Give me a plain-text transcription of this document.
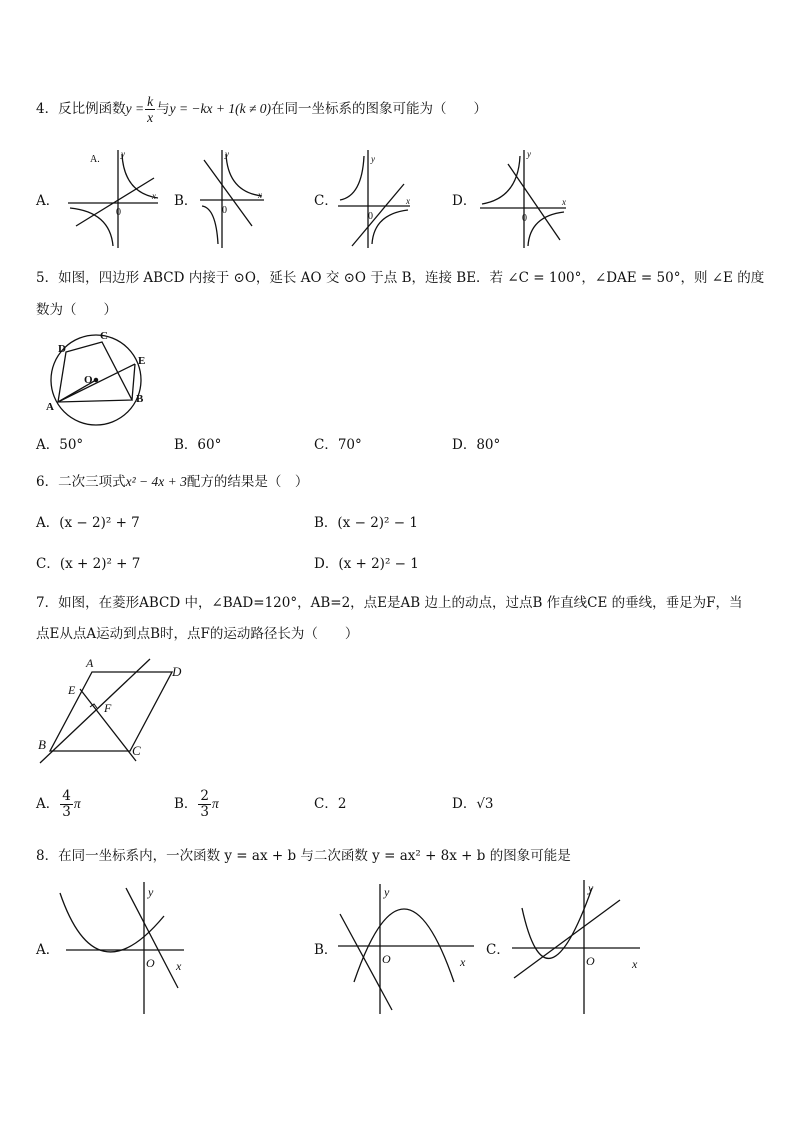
4．反比例函数$y = \frac{k}{x}$ 与y = −kx + 1(k ≠ 0)在同一坐标系的图象可能为（　　）
A．	B．	C．	D．
A.
x
y
0
x
y
0
x
y
0
x
y
0
5．如图，四边形 ABCD 内接于 ⊙O，延长 AO 交 ⊙O 于点 B，连接 BE．若 ∠C = 100°，∠DAE = 50°，则 ∠E 的度
数为（　　）
D
C
E
O
A
B
A．50°	B．60°	C．70°	D．80°
6．二次三项式x² − 4x + 3配方的结果是（　）
A．(x − 2)² + 7	B．(x − 2)² − 1
C．(x + 2)² + 7	D．(x + 2)² − 1
7．如图，在菱形ABCD 中，∠BAD=120°，AB=2，点E是AB 边上的动点，过点B 作直线CE 的垂线，垂足为F，当
点E从点A运动到点B时，点F的运动路径长为（　　）
A
D
E
F
B	C
A． $\frac{4}{3}$ π	B． $\frac{2}{3}$ π	C．2	D．√3
8．在同一坐标系内，一次函数 y = ax + b 与二次函数 y = ax² + 8x + b 的图象可能是
A．	B．	C．
y
x
O
y
x
O
y
x
O
